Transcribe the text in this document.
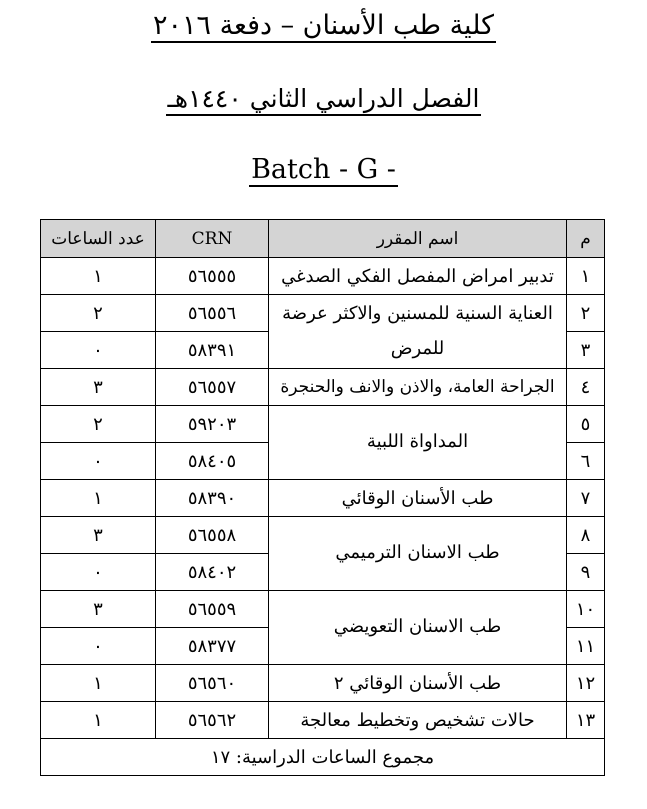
كلية طب الأسنان – دفعة ٢٠١٦
الفصل الدراسي الثاني ١٤٤٠هـ
Batch - G -
م	اسم المقرر	CRN	عدد الساعات
١	تدبير امراض المفصل الفكي الصدغي	٥٦٥٥٥	١
٢	العناية السنية للمسنين والاكثر عرضة للمرض	٥٦٥٥٦	٢
٣		٥٨٣٩١	٠
٤	الجراحة العامة، والاذن والانف والحنجرة	٥٦٥٥٧	٣
٥	المداواة اللبية	٥٩٢٠٣	٢
٦		٥٨٤٠٥	٠
٧	طب الأسنان الوقائي	٥٨٣٩٠	١
٨	طب الاسنان الترميمي	٥٦٥٥٨	٣
٩		٥٨٤٠٢	٠
١٠	طب الاسنان التعويضي	٥٦٥٥٩	٣
١١		٥٨٣٧٧	٠
١٢	طب الأسنان الوقائي ٢	٥٦٥٦٠	١
١٣	حالات تشخيص وتخطيط معالجة	٥٦٥٦٢	١
مجموع الساعات الدراسية: ١٧			
